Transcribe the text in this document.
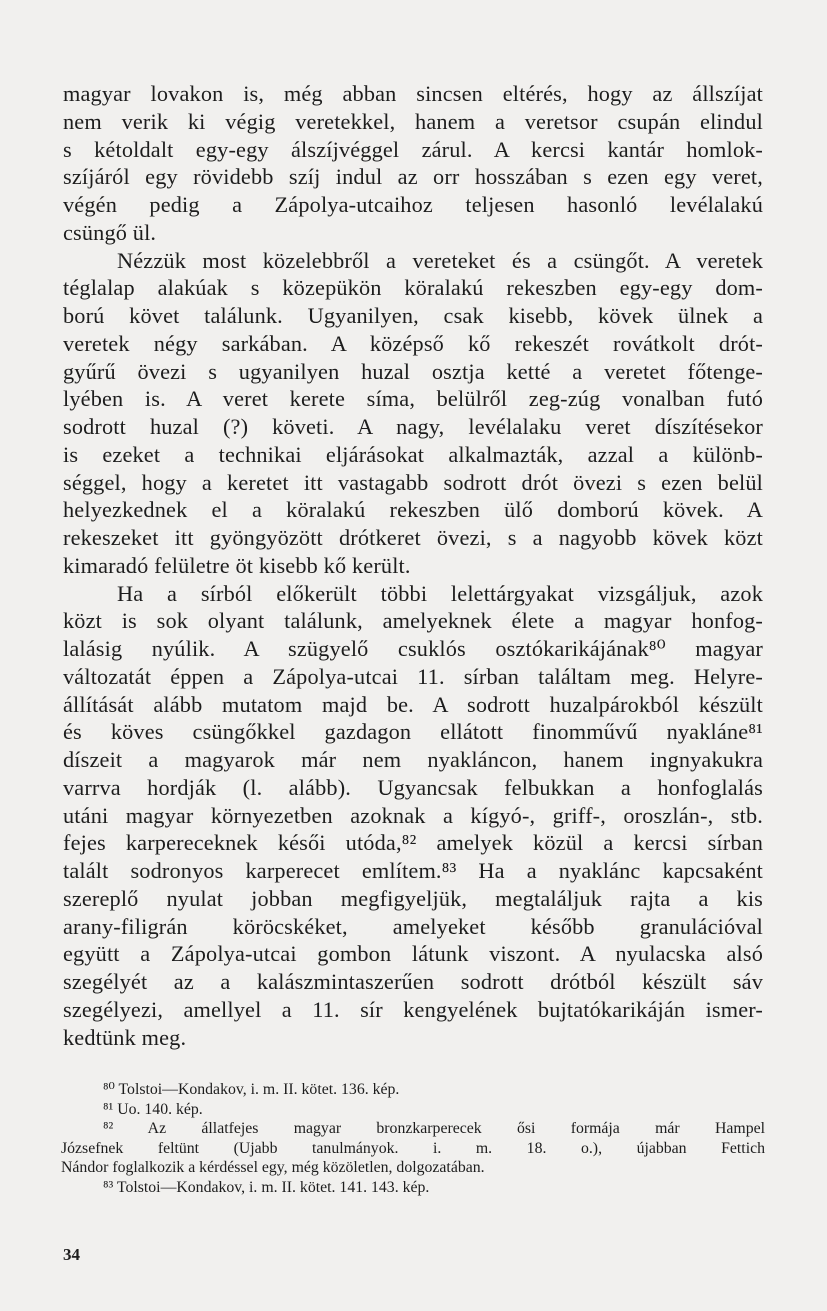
magyar lovakon is, még abban sincsen eltérés, hogy az állszíjat
nem verik ki végig veretekkel, hanem a veretsor csupán elindul
s kétoldalt egy-egy álszíjvéggel zárul. A kercsi kantár homlok-
szíjáról egy rövidebb szíj indul az orr hosszában s ezen egy veret,
végén pedig a Zápolya-utcaihoz teljesen hasonló levélalakú
csüngő ül.

Nézzük most közelebbről a vereteket és a csüngőt. A veretek
téglalap alakúak s közepükön köralakú rekeszben egy-egy dom-
ború követ találunk. Ugyanilyen, csak kisebb, kövek ülnek a
veretek négy sarkában. A középső kő rekeszét rovátkolt drót-
gyűrű övezi s ugyanilyen huzal osztja ketté a veretet főtenge-
lyében is. A veret kerete síma, belülről zeg-zúg vonalban futó
sodrott huzal (?) követi. A nagy, levélalaku veret díszítésekor
is ezeket a technikai eljárásokat alkalmazták, azzal a különb-
séggel, hogy a keretet itt vastagabb sodrott drót övezi s ezen belül
helyezkednek el a köralakú rekeszben ülő domború kövek. A
rekeszeket itt gyöngyözött drótkeret övezi, s a nagyobb kövek közt
kimaradó felületre öt kisebb kő került.

Ha a sírból előkerült többi lelettárgyakat vizsgáljuk, azok
közt is sok olyant találunk, amelyeknek élete a magyar honfog-
lalásig nyúlik. A szügyelő csuklós osztókarikájának⁸⁰ magyar
változatát éppen a Zápolya-utcai 11. sírban találtam meg. Helyre-
állítását alább mutatom majd be. A sodrott huzalpárokból készült
és köves csüngőkkel gazdagon ellátott finomművű nyakláne⁸¹
díszeit a magyarok már nem nyakláncon, hanem ingnyakukra
varrva hordják (l. alább). Ugyancsak felbukkan a honfoglalás
utáni magyar környezetben azoknak a kígyó-, griff-, oroszlán-, stb.
fejes karpereceknek késői utóda,⁸² amelyek közül a kercsi sírban
talált sodronyos karperecet említem.⁸³ Ha a nyaklánc kapcsaként
szereplő nyulat jobban megfigyeljük, megtaláljuk rajta a kis
arany-filigrán köröcskéket, amelyeket később granulációval
együtt a Zápolya-utcai gombon látunk viszont. A nyulacska alsó
szegélyét az a kalászmintaszerűen sodrott drótból készült sáv
szegélyezi, amellyel a 11. sír kengyelének bujtatókarikáján ismer-
kedtünk meg.

⁸⁰ Tolstoi—Kondakov, i. m. II. kötet. 136. kép.
⁸¹ Uo. 140. kép.
⁸² Az állatfejes magyar bronzkarperecek ősi formája már Hampel
Józsefnek feltünt (Ujabb tanulmányok. i. m. 18. o.), újabban Fettich
Nándor foglalkozik a kérdéssel egy, még közöletlen, dolgozatában.
⁸³ Tolstoi—Kondakov, i. m. II. kötet. 141. 143. kép.
34
